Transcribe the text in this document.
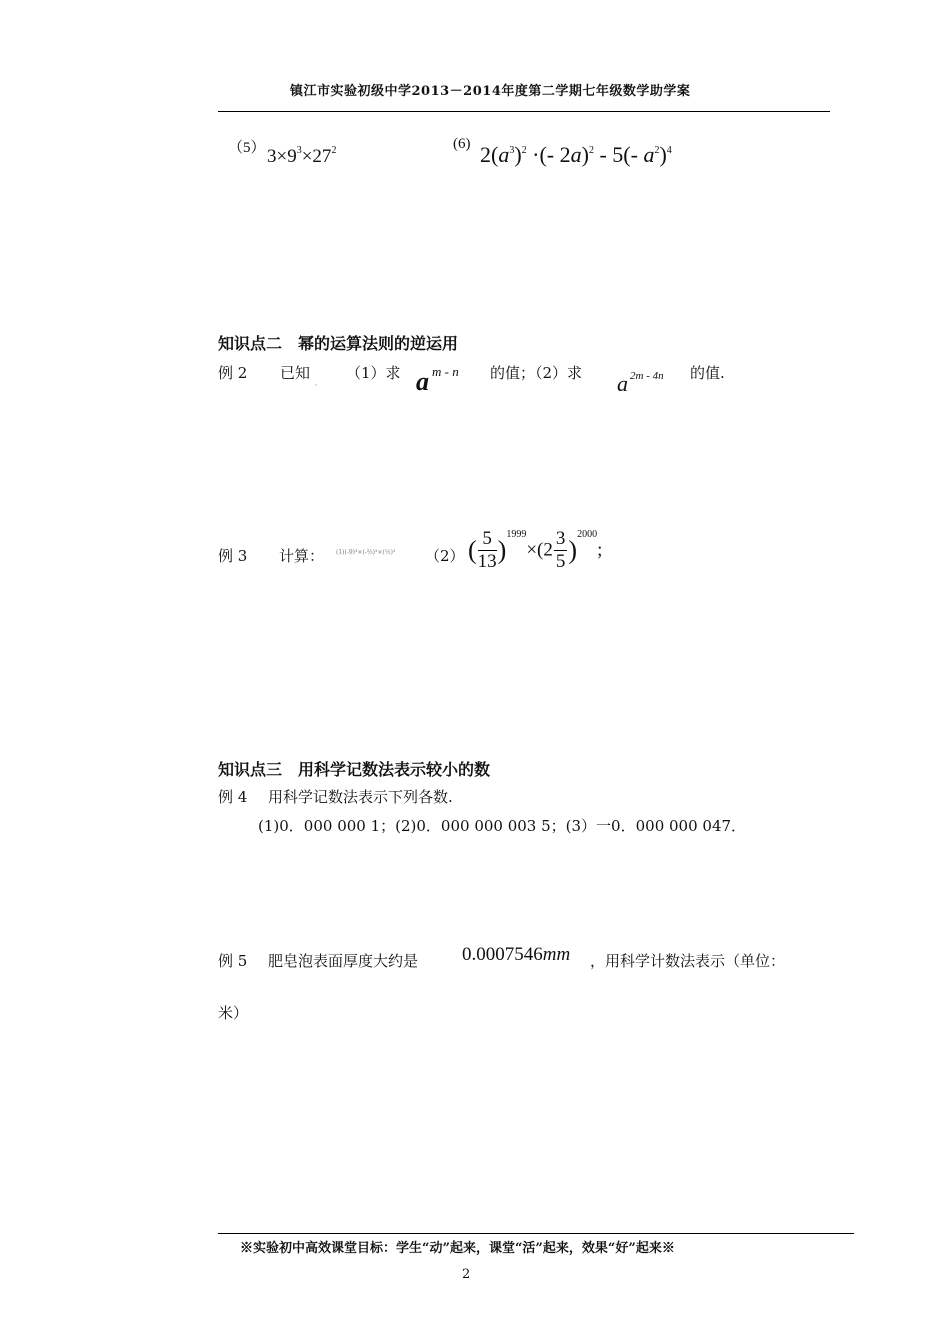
镇江市实验初级中学2013－2014年度第二学期七年级数学助学案
（5） $3\times 9^3\times 27^2$	(6) $2(a^3)^2$ ·(- 2a)$^2$ - 5(- $a^2)^4$
知识点二　幂的运算法则的逆运用
例 2 已知
，
（1）求 a $^{m - n}$ 的值；（2）求 a $^{2m - 4n}$ 的值.
例 3 计算： (1)(-9)³×(-⅔)³×(⅓)³ （2） ( $\frac{5}{13} )^{1999}\times(2 \frac{3}{5} )^{2000}$;
知识点三　用科学记数法表示较小的数
例 4 用科学记数法表示下列各数.
(1)0．000 000 1；(2)0．000 000 003 5；(3）一0．000 000 047．
例 5 肥皂泡表面厚度大约是 0.0007546mm ，用科学计数法表示（单位：
米）
※实验初中高效课堂目标：学生“动”起来，课堂“活”起来，效果“好”起来※
2
